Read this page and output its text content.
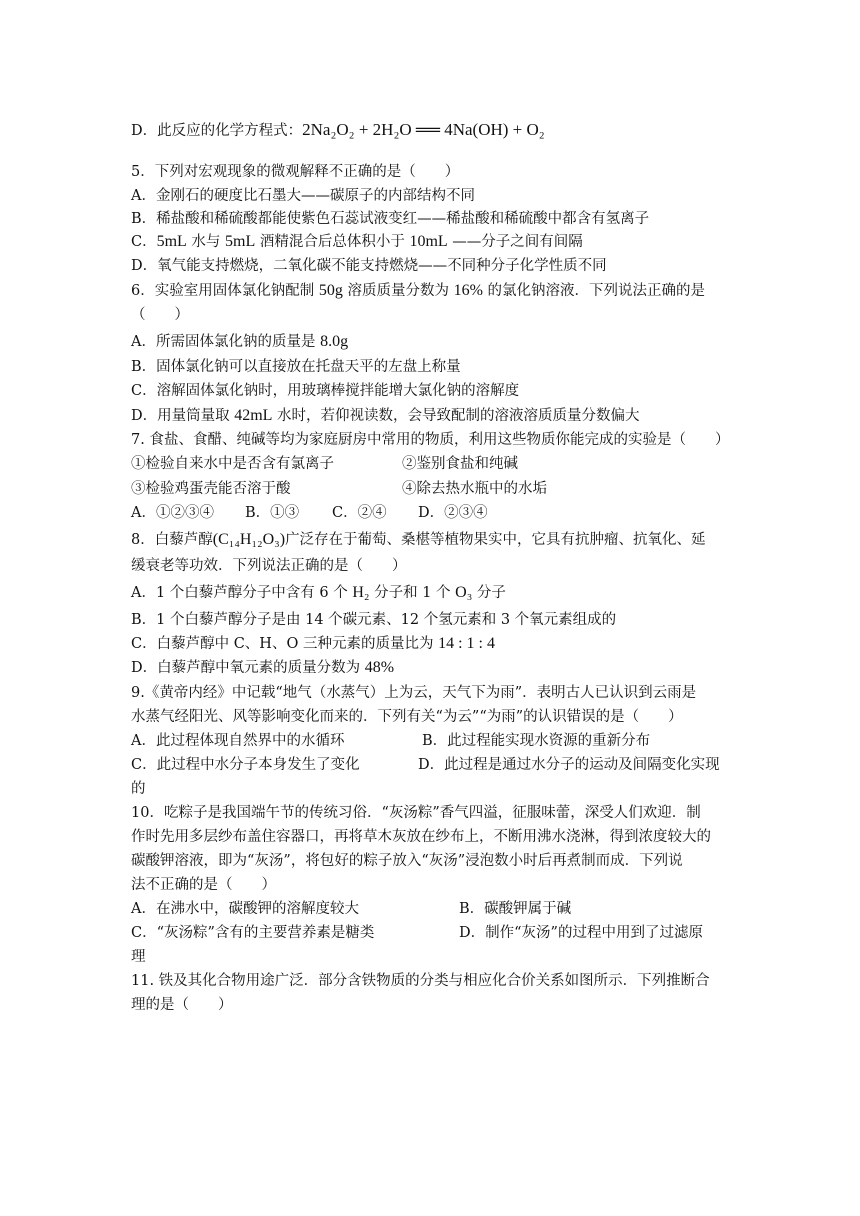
D．此反应的化学方程式：2Na₂O₂ + 2H₂O ══ 4Na(OH) + O₂
5．下列对宏观现象的微观解释不正确的是（　　）
A．金刚石的硬度比石墨大——碳原子的内部结构不同
B．稀盐酸和稀硫酸都能使紫色石蕊试液变红——稀盐酸和稀硫酸中都含有氢离子
C．5mL 水与 5mL 酒精混合后总体积小于 10mL ——分子之间有间隔
D．氧气能支持燃烧，二氧化碳不能支持燃烧——不同种分子化学性质不同
6．实验室用固体氯化钠配制 50g 溶质质量分数为 16% 的氯化钠溶液．下列说法正确的是
（　　）
A．所需固体氯化钠的质量是 8.0g
B．固体氯化钠可以直接放在托盘天平的左盘上称量
C．溶解固体氯化钠时，用玻璃棒搅拌能增大氯化钠的溶解度
D．用量筒量取 42mL 水时，若仰视读数，会导致配制的溶液溶质质量分数偏大
7. 食盐、食醋、纯碱等均为家庭厨房中常用的物质，利用这些物质你能完成的实验是（　　）
①检验自来水中是否含有氯离子	②鉴别食盐和纯碱
③检验鸡蛋壳能否溶于酸	④除去热水瓶中的水垢
A．①②③④ B．①③ C．②④ D．②③④
8．白藜芦醇(C₁₄H₁₂O₃)广泛存在于葡萄、桑椹等植物果实中，它具有抗肿瘤、抗氧化、延
缓衰老等功效．下列说法正确的是（　　）
A．1 个白藜芦醇分子中含有 6 个 H₂ 分子和 1 个 O₃ 分子
B．1 个白藜芦醇分子是由 14 个碳元素、12 个氢元素和 3 个氧元素组成的
C．白藜芦醇中 C、H、O 三种元素的质量比为 14 : 1 : 4
D．白藜芦醇中氧元素的质量分数为 48%
9.《黄帝内经》中记载“地气（水蒸气）上为云，天气下为雨”．表明古人已认识到云雨是
水蒸气经阳光、风等影响变化而来的．下列有关“为云”“为雨”的认识错误的是（　　）
A．此过程体现自然界中的水循环	B．此过程能实现水资源的重新分布
C．此过程中水分子本身发生了变化	D．此过程是通过水分子的运动及间隔变化实现
的
10．吃粽子是我国端午节的传统习俗．“灰汤粽”香气四溢，征服味蕾，深受人们欢迎．制
作时先用多层纱布盖住容器口，再将草木灰放在纱布上，不断用沸水浇淋，得到浓度较大的
碳酸钾溶液，即为“灰汤”，将包好的粽子放入“灰汤”浸泡数小时后再煮制而成．下列说
法不正确的是（　　）
A．在沸水中，碳酸钾的溶解度较大	B．碳酸钾属于碱
C．“灰汤粽”含有的主要营养素是糖类	D．制作“灰汤”的过程中用到了过滤原
理
11. 铁及其化合物用途广泛．部分含铁物质的分类与相应化合价关系如图所示．下列推断合
理的是（　　）
